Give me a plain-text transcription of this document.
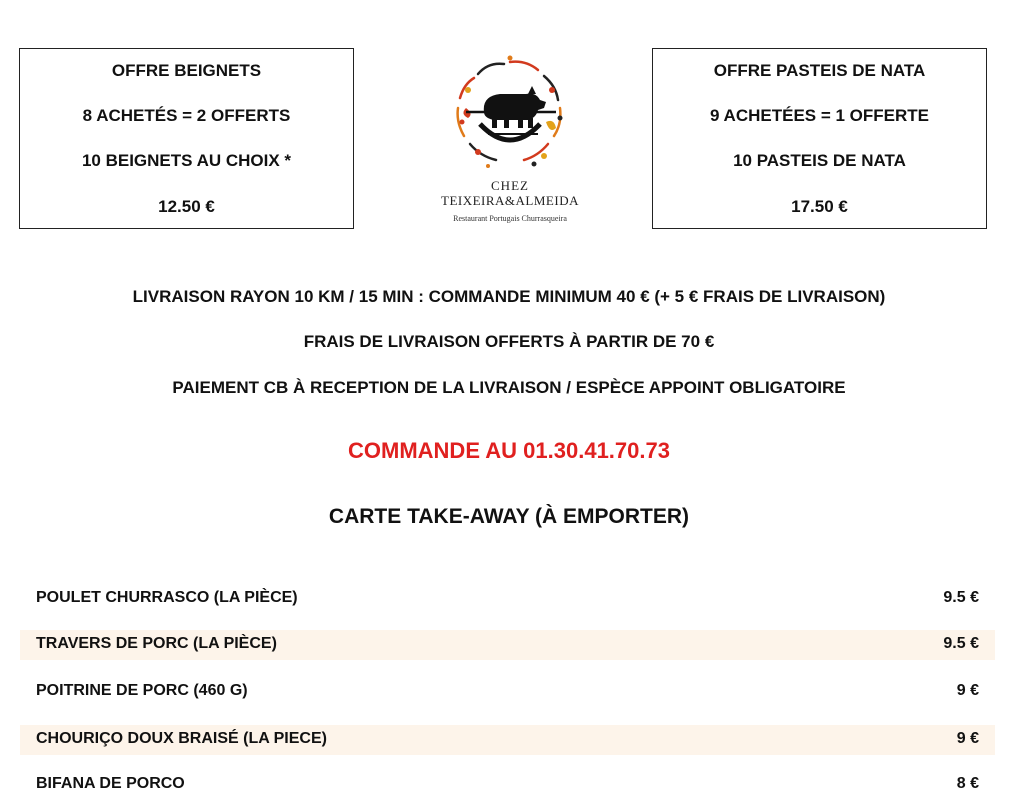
OFFRE BEIGNETS
8 ACHETÉS = 2 OFFERTS
10 BEIGNETS AU CHOIX *
12.50 €
CHEZ
TEIXEIRA&ALMEIDA
Restaurant Portugais Churrasqueira
OFFRE PASTEIS DE NATA
9 ACHETÉES = 1 OFFERTE
10 PASTEIS DE NATA
17.50 €
LIVRAISON RAYON 10 KM / 15 MIN : COMMANDE MINIMUM 40 € (+ 5 € FRAIS DE LIVRAISON)
FRAIS DE LIVRAISON OFFERTS À PARTIR DE 70 €
PAIEMENT CB À RECEPTION DE LA LIVRAISON / ESPÈCE APPOINT OBLIGATOIRE
COMMANDE AU 01.30.41.70.73
CARTE TAKE-AWAY (À EMPORTER)
POULET CHURRASCO (LA PIÈCE)	9.5 €
TRAVERS DE PORC (LA PIÈCE)	9.5 €
POITRINE DE PORC (460 G)	9 €
CHOURIÇO DOUX BRAISÉ (LA PIECE)	9 €
BIFANA DE PORCO	8 €
